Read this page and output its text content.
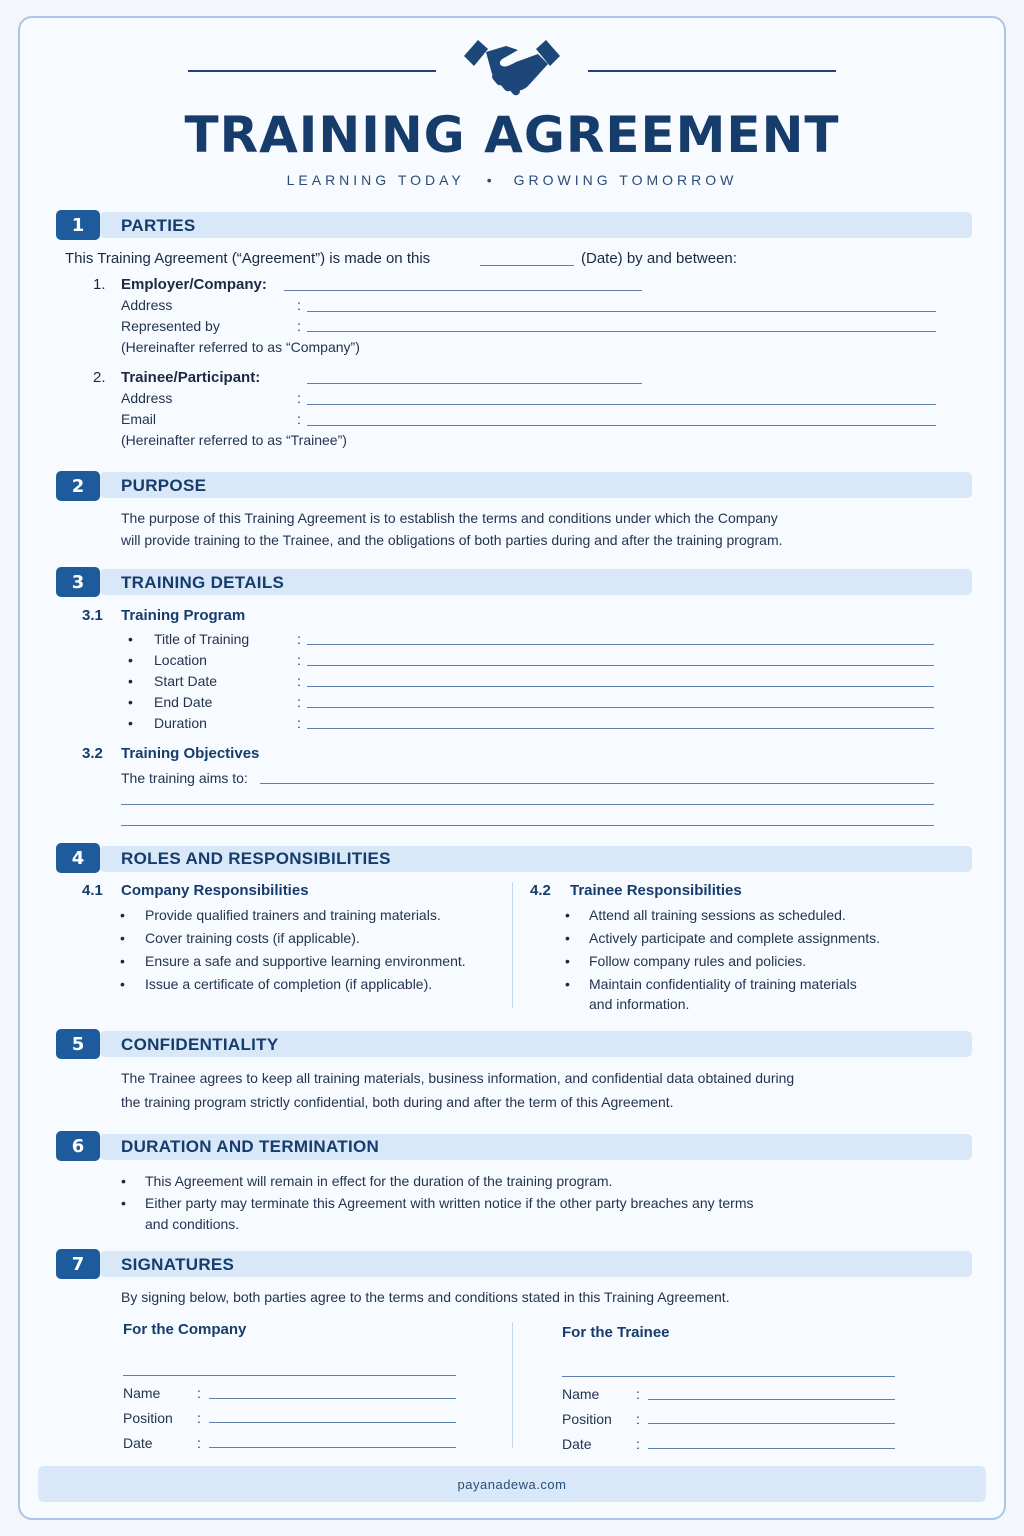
TRAINING AGREEMENT
LEARNING TODAY • GROWING TOMORROW
1	PARTIES
This Training Agreement (“Agreement”) is made on this	(Date) by and between:
1. Employer/Company:
Address	:
Represented by	:
(Hereinafter referred to as “Company”)
2. Trainee/Participant:
Address	:
Email	:
(Hereinafter referred to as “Trainee”)
2	PURPOSE
The purpose of this Training Agreement is to establish the terms and conditions under which the Company
will provide training to the Trainee, and the obligations of both parties during and after the training program.
3	TRAINING DETAILS
3.1 Training Program
• Title of Training	:
• Location	:
• Start Date	:
• End Date	:
• Duration	:
3.2 Training Objectives
The training aims to:
4	ROLES AND RESPONSIBILITIES
4.1 Company Responsibilities
• Provide qualified trainers and training materials.
• Cover training costs (if applicable).
• Ensure a safe and supportive learning environment.
• Issue a certificate of completion (if applicable).
4.2 Trainee Responsibilities
• Attend all training sessions as scheduled.
• Actively participate and complete assignments.
• Follow company rules and policies.
• Maintain confidentiality of training materials
and information.
5	CONFIDENTIALITY
The Trainee agrees to keep all training materials, business information, and confidential data obtained during
the training program strictly confidential, both during and after the term of this Agreement.
6	DURATION AND TERMINATION
• This Agreement will remain in effect for the duration of the training program.
• Either party may terminate this Agreement with written notice if the other party breaches any terms
and conditions.
7	SIGNATURES
By signing below, both parties agree to the terms and conditions stated in this Training Agreement.
For the Company
Name	:
Position :
Date	:
For the Trainee
Name	:
Position :
Date	:
payanadewa.com
